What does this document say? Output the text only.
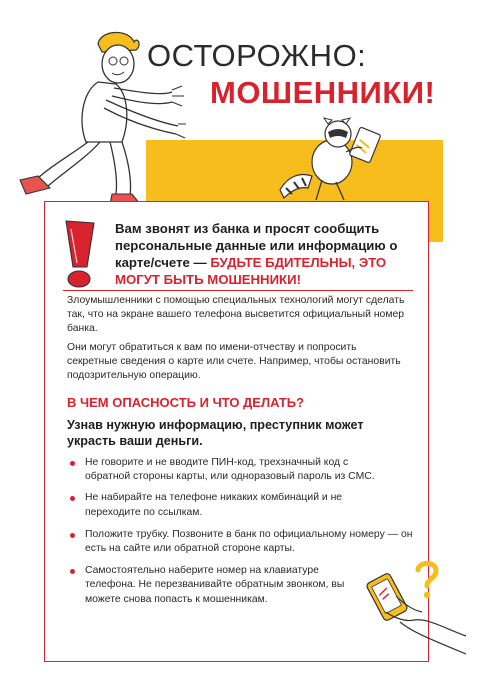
ОСТОРОЖНО:
МОШЕННИКИ!
Вам звонят из банка и просят сообщить персональные данные или информацию о карте/счете — БУДЬТЕ БДИТЕЛЬНЫ, ЭТО МОГУТ БЫТЬ МОШЕННИКИ!
Злоумышленники с помощью специальных технологий могут сделать так, что на экране вашего телефона высветится официальный номер банка.
Они могут обратиться к вам по имени-отчеству и попросить секретные сведения о карте или счете. Например, чтобы остановить подозрительную операцию.
В ЧЕМ ОПАСНОСТЬ И ЧТО ДЕЛАТЬ?
Узнав нужную информацию, преступник может украсть ваши деньги.
Не говорите и не вводите ПИН-код, трехзначный код с обратной стороны карты, или одноразовый пароль из СМС.
Не набирайте на телефоне никаких комбинаций и не переходите по ссылкам.
Положите трубку. Позвоните в банк по официальному номеру — он есть на сайте или обратной стороне карты.
Самостоятельно наберите номер на клавиатуре телефона. Не перезванивайте обратным звонком, вы можете снова попасть к мошенникам.
